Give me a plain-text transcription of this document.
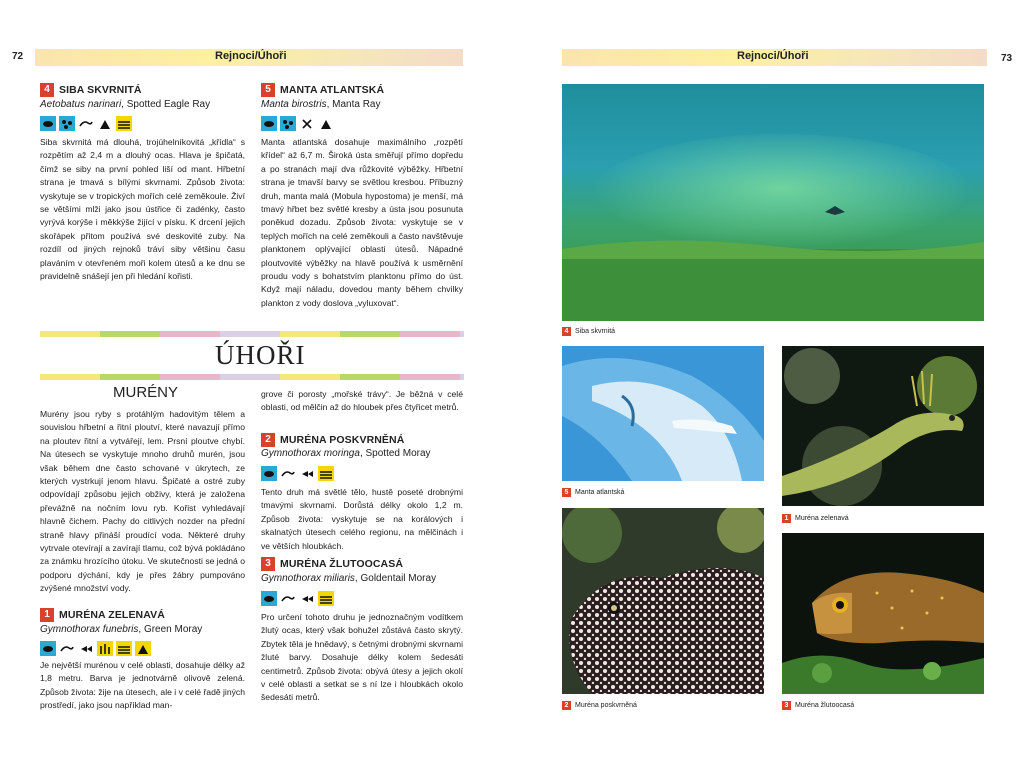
72	Rejnoci/Úhoři
4 SIBA SKVRNITÁ
Aetobatus narinari, Spotted Eagle Ray
Siba skvrnitá má dlouhá, trojúhelníkovitá „křídla“ s rozpětím až 2,4 m a dlouhý ocas. Hlava je špičatá, čímž se siby na první pohled liší od mant. Hřbetní strana je tmavá s bílými skvrnami. Způsob života: vyskytuje se v tropických mořích celé zeměkoule. Živí se většími mlži jako jsou ústřice či zadénky, často vyrývá korýše i měkkýše žijící v písku. K drcení jejich skořápek přitom používá své deskovité zuby. Na rozdíl od jiných rejnoků tráví siby většinu času plaváním v otevřeném moři kolem útesů a ke dnu se pravidelně snášejí jen při hledání kořisti.
5 MANTA ATLANTSKÁ
Manta birostris, Manta Ray
Manta atlantská dosahuje maximálního „rozpětí křídel“ až 6,7 m. Široká ústa směřují přímo dopředu a po stranách mají dva růžkovité výběžky. Hřbetní strana je tmavší barvy se světlou kresbou. Příbuzný druh, manta malá (Mobula hypostoma) je menší, má tmavý hřbet bez světlé kresby a ústa jsou posunuta poněkud dozadu. Způsob života: vyskytuje se v teplých mořích na celé zeměkouli a často navštěvuje planktonem oplývající oblasti útesů. Nápadné ploutvovité výběžky na hlavě používá k usměrnění proudu vody s bohatstvím planktonu přímo do úst. Když mají náladu, dovedou manty během chvilky plankton z vody doslova „vyluxovat“.
ÚHOŘI
MURÉNY
Murény jsou ryby s protáhlým hadovitým tělem a souvislou hřbetní a řitní ploutví, které navazují přímo na ploutev řitní a vytvářejí, lem. Prsní ploutve chybí. Na útesech se vyskytuje mnoho druhů murén, jsou však během dne často schované v úkrytech, ze kterých vystrkují jenom hlavu. Špičaté a ostré zuby odpovídají způsobu jejich obživy, která je založena převážně na nočním lovu ryb. Kořist vyhledávají hlavně čichem. Pachy do citlivých nozder na přední straně hlavy přináší proudící voda. Některé druhy vytrvale otevírají a zavírají tlamu, což bývá pokládáno za známku hrozícího útoku. Ve skutečnosti se jedná o podporu dýchání, kdy je přes žábry pumpováno zvýšené množství vody.
1 MURÉNA ZELENAVÁ
Gymnothorax funebris, Green Moray
Je největší murénou v celé oblasti, dosahuje délky až 1,8 metru. Barva je jednotvárně olivově zelená. Způsob života: žije na útesech, ale i v celé řadě jiných prostředí, jako jsou například man-
grove či porosty „mořské trávy“. Je běžná v celé oblasti, od mělčin až do hloubek přes čtyřicet metrů.
2 MURÉNA POSKVRNĚNÁ
Gymnothorax moringa, Spotted Moray
Tento druh má světlé tělo, hustě poseté drobnými tmavými skvrnami. Dorůstá délky okolo 1,2 m. Způsob života: vyskytuje se na korálových i skalnatých útesech celého regionu, na mělčinách i ve větších hloubkách.
3 MURÉNA ŽLUTOOCASÁ
Gymnothorax miliaris, Goldentail Moray
Pro určení tohoto druhu je jednoznačným vodítkem žlutý ocas, který však bohužel zůstává často skrytý. Zbytek těla je hnědavý, s četnými drobnými skvrnami žluté barvy. Dosahuje délky kolem šedesáti centimetrů. Způsob života: obývá útesy a jejich okolí v celé oblasti a setkat se s ní lze i hloubkách okolo šedesáti metrů.
Rejnoci/Úhoři	73
4 Siba skvrnitá
5 Manta atlantská
1 Muréna zelenavá
2 Muréna poskvrněná	3 Muréna žlutoocasá
